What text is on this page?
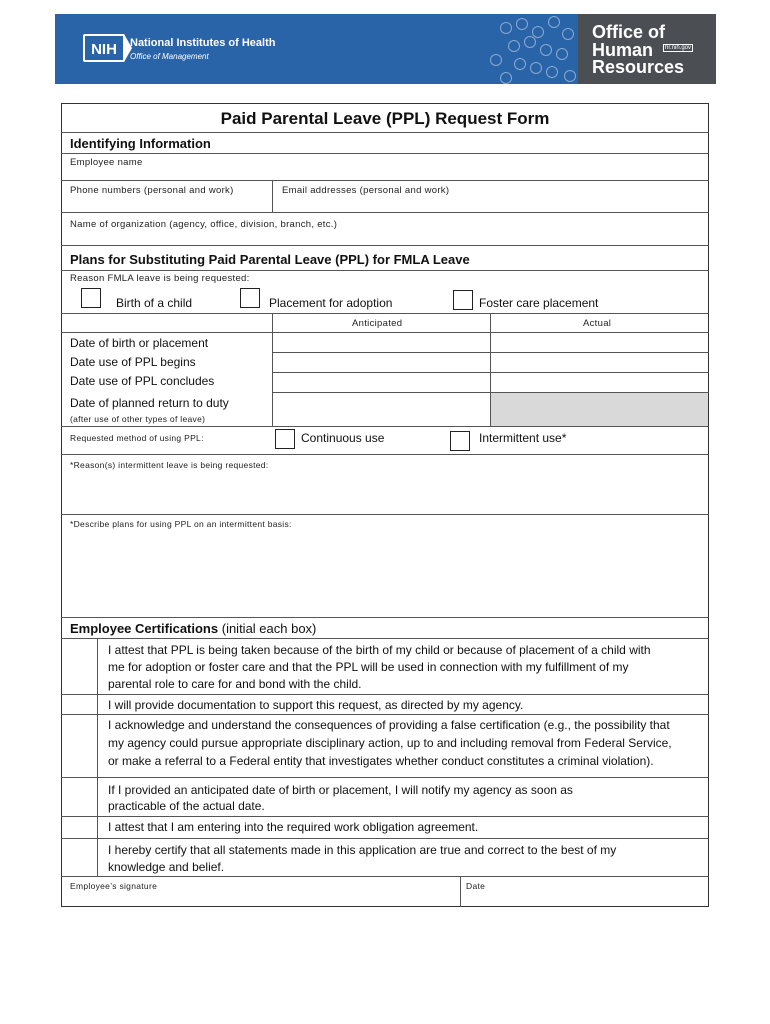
NIH	National Institutes of Health
Office of Management
Office of
Human	hr.nih.gov
Resources
Paid Parental Leave (PPL) Request Form
Identifying Information
Employee name
Phone numbers (personal and work)	Email addresses (personal and work)
Name of organization (agency, office, division, branch, etc.)
Plans for Substituting Paid Parental Leave (PPL) for FMLA Leave
Reason FMLA leave is being requested:
Birth of a child	Placement for adoption	Foster care placement
Anticipated	Actual
Date of birth or placement
Date use of PPL begins
Date use of PPL concludes
Date of planned return to duty
(after use of other types of leave)
Requested method of using PPL:	Continuous use	Intermittent use*
*Reason(s) intermittent leave is being requested:
*Describe plans for using PPL on an intermittent basis:
Employee Certifications (initial each box)
I attest that PPL is being taken because of the birth of my child or because of placement of a child with
me for adoption or foster care and that the PPL will be used in connection with my fulfillment of my
parental role to care for and bond with the child.
I will provide documentation to support this request, as directed by my agency.
I acknowledge and understand the consequences of providing a false certification (e.g., the possibility that
my agency could pursue appropriate disciplinary action, up to and including removal from Federal Service,
or make a referral to a Federal entity that investigates whether conduct constitutes a criminal violation).
If I provided an anticipated date of birth or placement, I will notify my agency as soon as
practicable of the actual date.
I attest that I am entering into the required work obligation agreement.
I hereby certify that all statements made in this application are true and correct to the best of my
knowledge and belief.
Employee’s signature	Date
